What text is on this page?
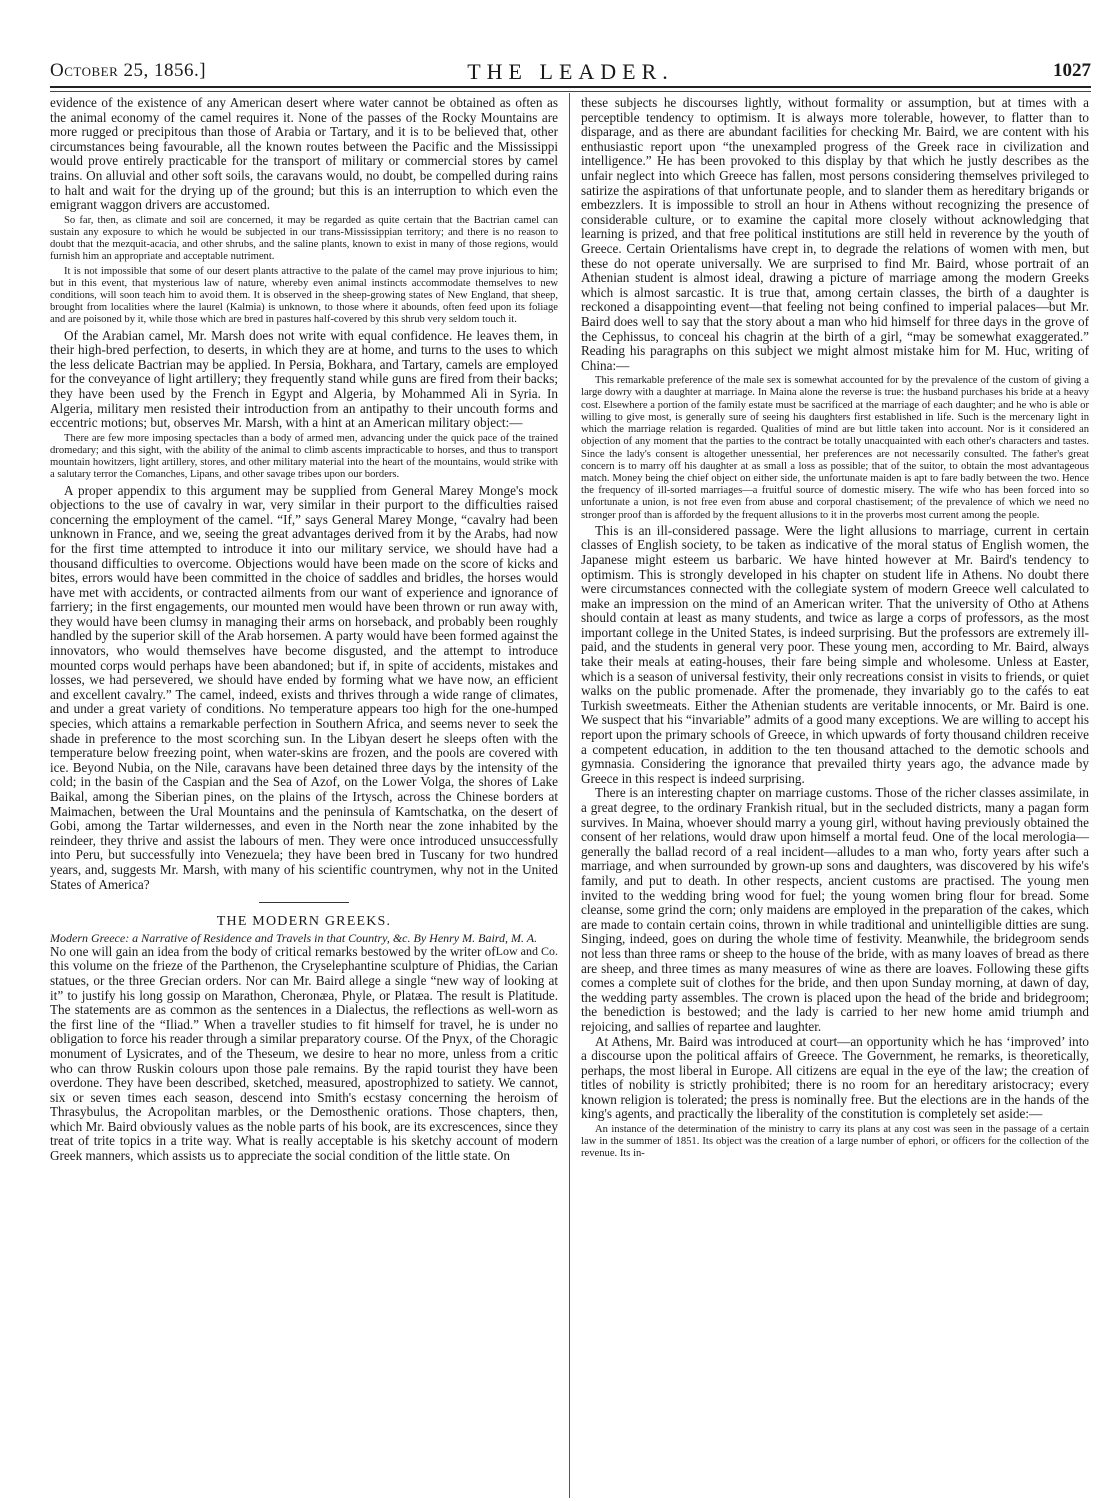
October 25, 1856.]	THE LEADER.	1027

evidence of the existence of any American desert where water cannot be obtained as often as the animal economy of the camel requires it. None of the passes of the Rocky Mountains are more rugged or precipitous than those of Arabia or Tartary, and it is to be believed that, other circumstances being favourable, all the known routes between the Pacific and the Mississippi would prove entirely practicable for the transport of military or commercial stores by camel trains. On alluvial and other soft soils, the caravans would, no doubt, be compelled during rains to halt and wait for the drying up of the ground; but this is an interruption to which even the emigrant waggon drivers are accustomed.

So far, then, as climate and soil are concerned, it may be regarded as quite certain that the Bactrian camel can sustain any exposure to which he would be subjected in our trans-Mississippian territory; and there is no reason to doubt that the mezquit-acacia, and other shrubs, and the saline plants, known to exist in many of those regions, would furnish him an appropriate and acceptable nutriment.

It is not impossible that some of our desert plants attractive to the palate of the camel may prove injurious to him; but in this event, that mysterious law of nature, whereby even animal instincts accommodate themselves to new conditions, will soon teach him to avoid them. It is observed in the sheep-growing states of New England, that sheep, brought from localities where the laurel (Kalmia) is unknown, to those where it abounds, often feed upon its foliage and are poisoned by it, while those which are bred in pastures half-covered by this shrub very seldom touch it.

Of the Arabian camel, Mr. Marsh does not write with equal confidence. He leaves them, in their high-bred perfection, to deserts, in which they are at home, and turns to the uses to which the less delicate Bactrian may be applied. In Persia, Bokhara, and Tartary, camels are employed for the conveyance of light artillery; they frequently stand while guns are fired from their backs; they have been used by the French in Egypt and Algeria, by Mohammed Ali in Syria. In Algeria, military men resisted their introduction from an antipathy to their uncouth forms and eccentric motions; but, observes Mr. Marsh, with a hint at an American military object:—

There are few more imposing spectacles than a body of armed men, advancing under the quick pace of the trained dromedary; and this sight, with the ability of the animal to climb ascents impracticable to horses, and thus to transport mountain howitzers, light artillery, stores, and other military material into the heart of the mountains, would strike with a salutary terror the Comanches, Lipans, and other savage tribes upon our borders.

A proper appendix to this argument may be supplied from General Marey Monge's mock objections to the use of cavalry in war, very similar in their purport to the difficulties raised concerning the employment of the camel. “If,” says General Marey Monge, “cavalry had been unknown in France, and we, seeing the great advantages derived from it by the Arabs, had now for the first time attempted to introduce it into our military service, we should have had a thousand difficulties to overcome. Objections would have been made on the score of kicks and bites, errors would have been committed in the choice of saddles and bridles, the horses would have met with accidents, or contracted ailments from our want of experience and ignorance of farriery; in the first engagements, our mounted men would have been thrown or run away with, they would have been clumsy in managing their arms on horseback, and probably been roughly handled by the superior skill of the Arab horsemen. A party would have been formed against the innovators, who would themselves have become disgusted, and the attempt to introduce mounted corps would perhaps have been abandoned; but if, in spite of accidents, mistakes and losses, we had persevered, we should have ended by forming what we have now, an efficient and excellent cavalry.” The camel, indeed, exists and thrives through a wide range of climates, and under a great variety of conditions. No temperature appears too high for the one-humped species, which attains a remarkable perfection in Southern Africa, and seems never to seek the shade in preference to the most scorching sun. In the Libyan desert he sleeps often with the temperature below freezing point, when water-skins are frozen, and the pools are covered with ice. Beyond Nubia, on the Nile, caravans have been detained three days by the intensity of the cold; in the basin of the Caspian and the Sea of Azof, on the Lower Volga, the shores of Lake Baikal, among the Siberian pines, on the plains of the Irtysch, across the Chinese borders at Maimachen, between the Ural Mountains and the peninsula of Kamtschatka, on the desert of Gobi, among the Tartar wildernesses, and even in the North near the zone inhabited by the reindeer, they thrive and assist the labours of men. They were once introduced unsuccessfully into Peru, but successfully into Venezuela; they have been bred in Tuscany for two hundred years, and, suggests Mr. Marsh, with many of his scientific countrymen, why not in the United States of America?

THE MODERN GREEKS.

Modern Greece: a Narrative of Residence and Travels in that Country, &c. By Henry M. Baird, M. A.
Low and Co.

No one will gain an idea from the body of critical remarks bestowed by the writer of this volume on the frieze of the Parthenon, the Cryselephantine sculpture of Phidias, the Carian statues, or the three Grecian orders. Nor can Mr. Baird allege a single “new way of looking at it” to justify his long gossip on Marathon, Cheronæa, Phyle, or Platæa. The result is Platitude. The statements are as common as the sentences in a Dialectus, the reflections as well-worn as the first line of the “Iliad.” When a traveller studies to fit himself for travel, he is under no obligation to force his reader through a similar preparatory course. Of the Pnyx, of the Choragic monument of Lysicrates, and of the Theseum, we desire to hear no more, unless from a critic who can throw Ruskin colours upon those pale remains. By the rapid tourist they have been overdone. They have been described, sketched, measured, apostrophized to satiety. We cannot, six or seven times each season, descend into Smith's ecstasy concerning the heroism of Thrasybulus, the Acropolitan marbles, or the Demosthenic orations. Those chapters, then, which Mr. Baird obviously values as the noble parts of his book, are its excrescences, since they treat of trite topics in a trite way. What is really acceptable is his sketchy account of modern Greek manners, which assists us to appreciate the social condition of the little state. On

these subjects he discourses lightly, without formality or assumption, but at times with a perceptible tendency to optimism. It is always more tolerable, however, to flatter than to disparage, and as there are abundant facilities for checking Mr. Baird, we are content with his enthusiastic report upon “the unexampled progress of the Greek race in civilization and intelligence.” He has been provoked to this display by that which he justly describes as the unfair neglect into which Greece has fallen, most persons considering themselves privileged to satirize the aspirations of that unfortunate people, and to slander them as hereditary brigands or embezzlers. It is impossible to stroll an hour in Athens without recognizing the presence of considerable culture, or to examine the capital more closely without acknowledging that learning is prized, and that free political institutions are still held in reverence by the youth of Greece. Certain Orientalisms have crept in, to degrade the relations of women with men, but these do not operate universally. We are surprised to find Mr. Baird, whose portrait of an Athenian student is almost ideal, drawing a picture of marriage among the modern Greeks which is almost sarcastic. It is true that, among certain classes, the birth of a daughter is reckoned a disappointing event—that feeling not being confined to imperial palaces—but Mr. Baird does well to say that the story about a man who hid himself for three days in the grove of the Cephissus, to conceal his chagrin at the birth of a girl, “may be somewhat exaggerated.” Reading his paragraphs on this subject we might almost mistake him for M. Huc, writing of China:—

This remarkable preference of the male sex is somewhat accounted for by the prevalence of the custom of giving a large dowry with a daughter at marriage. In Maina alone the reverse is true: the husband purchases his bride at a heavy cost. Elsewhere a portion of the family estate must be sacrificed at the marriage of each daughter; and he who is able or willing to give most, is generally sure of seeing his daughters first established in life. Such is the mercenary light in which the marriage relation is regarded. Qualities of mind are but little taken into account. Nor is it considered an objection of any moment that the parties to the contract be totally unacquainted with each other's characters and tastes. Since the lady's consent is altogether unessential, her preferences are not necessarily consulted. The father's great concern is to marry off his daughter at as small a loss as possible; that of the suitor, to obtain the most advantageous match. Money being the chief object on either side, the unfortunate maiden is apt to fare badly between the two. Hence the frequency of ill-sorted marriages—a fruitful source of domestic misery. The wife who has been forced into so unfortunate a union, is not free even from abuse and corporal chastisement; of the prevalence of which we need no stronger proof than is afforded by the frequent allusions to it in the proverbs most current among the people.

This is an ill-considered passage. Were the light allusions to marriage, current in certain classes of English society, to be taken as indicative of the moral status of English women, the Japanese might esteem us barbaric. We have hinted however at Mr. Baird's tendency to optimism. This is strongly developed in his chapter on student life in Athens. No doubt there were circumstances connected with the collegiate system of modern Greece well calculated to make an impression on the mind of an American writer. That the university of Otho at Athens should contain at least as many students, and twice as large a corps of professors, as the most important college in the United States, is indeed surprising. But the professors are extremely ill-paid, and the students in general very poor. These young men, according to Mr. Baird, always take their meals at eating-houses, their fare being simple and wholesome. Unless at Easter, which is a season of universal festivity, their only recreations consist in visits to friends, or quiet walks on the public promenade. After the promenade, they invariably go to the cafés to eat Turkish sweetmeats. Either the Athenian students are veritable innocents, or Mr. Baird is one. We suspect that his “invariable” admits of a good many exceptions. We are willing to accept his report upon the primary schools of Greece, in which upwards of forty thousand children receive a competent education, in addition to the ten thousand attached to the demotic schools and gymnasia. Considering the ignorance that prevailed thirty years ago, the advance made by Greece in this respect is indeed surprising.

There is an interesting chapter on marriage customs. Those of the richer classes assimilate, in a great degree, to the ordinary Frankish ritual, but in the secluded districts, many a pagan form survives. In Maina, whoever should marry a young girl, without having previously obtained the consent of her relations, would draw upon himself a mortal feud. One of the local merologia—generally the ballad record of a real incident—alludes to a man who, forty years after such a marriage, and when surrounded by grown-up sons and daughters, was discovered by his wife's family, and put to death. In other respects, ancient customs are practised. The young men invited to the wedding bring wood for fuel; the young women bring flour for bread. Some cleanse, some grind the corn; only maidens are employed in the preparation of the cakes, which are made to contain certain coins, thrown in while traditional and unintelligible ditties are sung. Singing, indeed, goes on during the whole time of festivity. Meanwhile, the bridegroom sends not less than three rams or sheep to the house of the bride, with as many loaves of bread as there are sheep, and three times as many measures of wine as there are loaves. Following these gifts comes a complete suit of clothes for the bride, and then upon Sunday morning, at dawn of day, the wedding party assembles. The crown is placed upon the head of the bride and bridegroom; the benediction is bestowed; and the lady is carried to her new home amid triumph and rejoicing, and sallies of repartee and laughter.

At Athens, Mr. Baird was introduced at court—an opportunity which he has ‘improved’ into a discourse upon the political affairs of Greece. The Government, he remarks, is theoretically, perhaps, the most liberal in Europe. All citizens are equal in the eye of the law; the creation of titles of nobility is strictly prohibited; there is no room for an hereditary aristocracy; every known religion is tolerated; the press is nominally free. But the elections are in the hands of the king's agents, and practically the liberality of the constitution is completely set aside:—

An instance of the determination of the ministry to carry its plans at any cost was seen in the passage of a certain law in the summer of 1851. Its object was the creation of a large number of ephori, or officers for the collection of the revenue. Its in-
